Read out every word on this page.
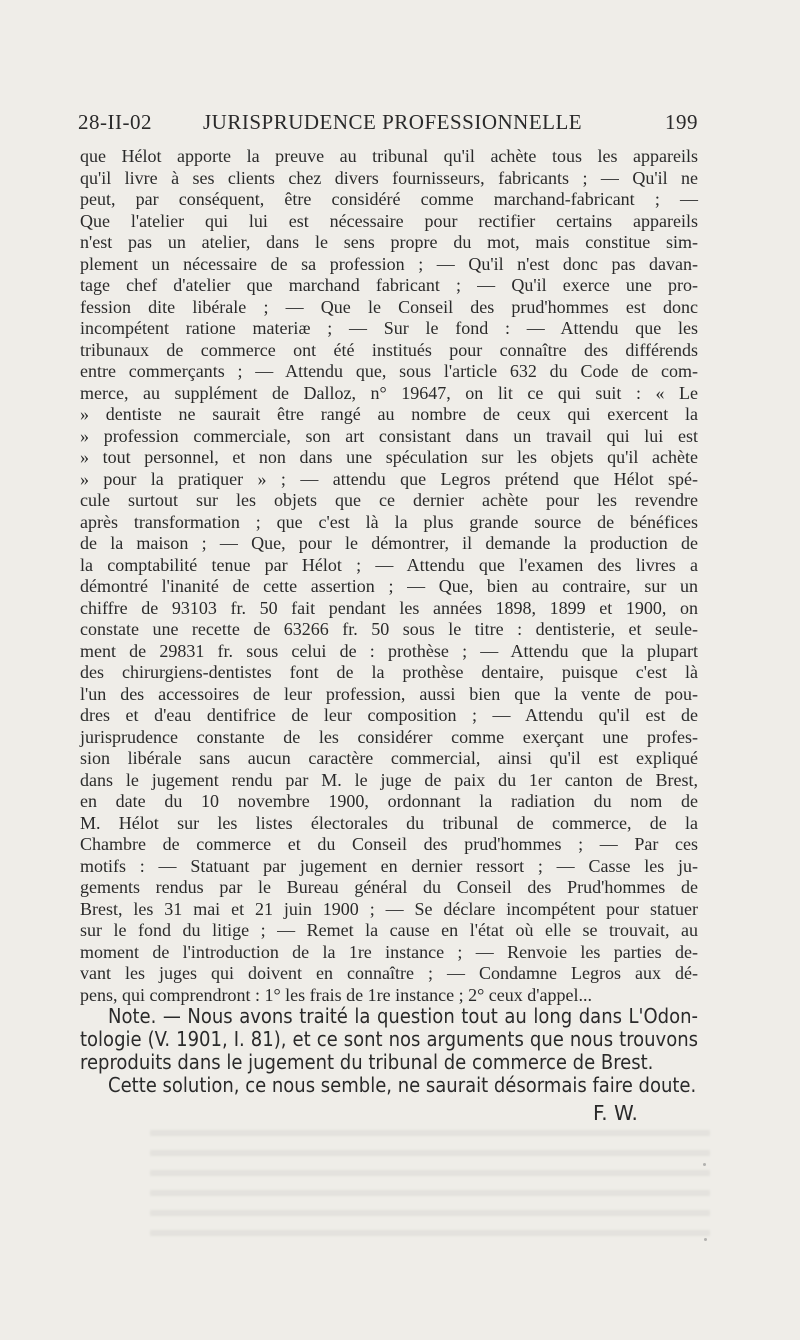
28-II-02 JURISPRUDENCE PROFESSIONNELLE	199
que Hélot apporte la preuve au tribunal qu'il achète tous les appareils
qu'il livre à ses clients chez divers fournisseurs, fabricants ; — Qu'il ne
peut, par conséquent, être considéré comme marchand-fabricant ; —
Que l'atelier qui lui est nécessaire pour rectifier certains appareils
n'est pas un atelier, dans le sens propre du mot, mais constitue sim-
plement un nécessaire de sa profession ; — Qu'il n'est donc pas davan-
tage chef d'atelier que marchand fabricant ; — Qu'il exerce une pro-
fession dite libérale ; — Que le Conseil des prud'hommes est donc
incompétent ratione materiæ ; — Sur le fond : — Attendu que les
tribunaux de commerce ont été institués pour connaître des différends
entre commerçants ; — Attendu que, sous l'article 632 du Code de com-
merce, au supplément de Dalloz, n° 19647, on lit ce qui suit : « Le
» dentiste ne saurait être rangé au nombre de ceux qui exercent la
» profession commerciale, son art consistant dans un travail qui lui est
» tout personnel, et non dans une spéculation sur les objets qu'il achète
» pour la pratiquer » ; — attendu que Legros prétend que Hélot spé-
cule surtout sur les objets que ce dernier achète pour les revendre
après transformation ; que c'est là la plus grande source de bénéfices
de la maison ; — Que, pour le démontrer, il demande la production de
la comptabilité tenue par Hélot ; — Attendu que l'examen des livres a
démontré l'inanité de cette assertion ; — Que, bien au contraire, sur un
chiffre de 93103 fr. 50 fait pendant les années 1898, 1899 et 1900, on
constate une recette de 63266 fr. 50 sous le titre : dentisterie, et seule-
ment de 29831 fr. sous celui de : prothèse ; — Attendu que la plupart
des chirurgiens-dentistes font de la prothèse dentaire, puisque c'est là
l'un des accessoires de leur profession, aussi bien que la vente de pou-
dres et d'eau dentifrice de leur composition ; — Attendu qu'il est de
jurisprudence constante de les considérer comme exerçant une profes-
sion libérale sans aucun caractère commercial, ainsi qu'il est expliqué
dans le jugement rendu par M. le juge de paix du 1er canton de Brest,
en date du 10 novembre 1900, ordonnant la radiation du nom de
M. Hélot sur les listes électorales du tribunal de commerce, de la
Chambre de commerce et du Conseil des prud'hommes ; — Par ces
motifs : — Statuant par jugement en dernier ressort ; — Casse les ju-
gements rendus par le Bureau général du Conseil des Prud'hommes de
Brest, les 31 mai et 21 juin 1900 ; — Se déclare incompétent pour statuer
sur le fond du litige ; — Remet la cause en l'état où elle se trouvait, au
moment de l'introduction de la 1re instance ; — Renvoie les parties de-
vant les juges qui doivent en connaître ; — Condamne Legros aux dé-
pens, qui comprendront : 1° les frais de 1re instance ; 2° ceux d'appel...
Note. — Nous avons traité la question tout au long dans L'Odon-
tologie (V. 1901, I. 81), et ce sont nos arguments que nous trouvons
reproduits dans le jugement du tribunal de commerce de Brest.
Cette solution, ce nous semble, ne saurait désormais faire doute.
F. W.
